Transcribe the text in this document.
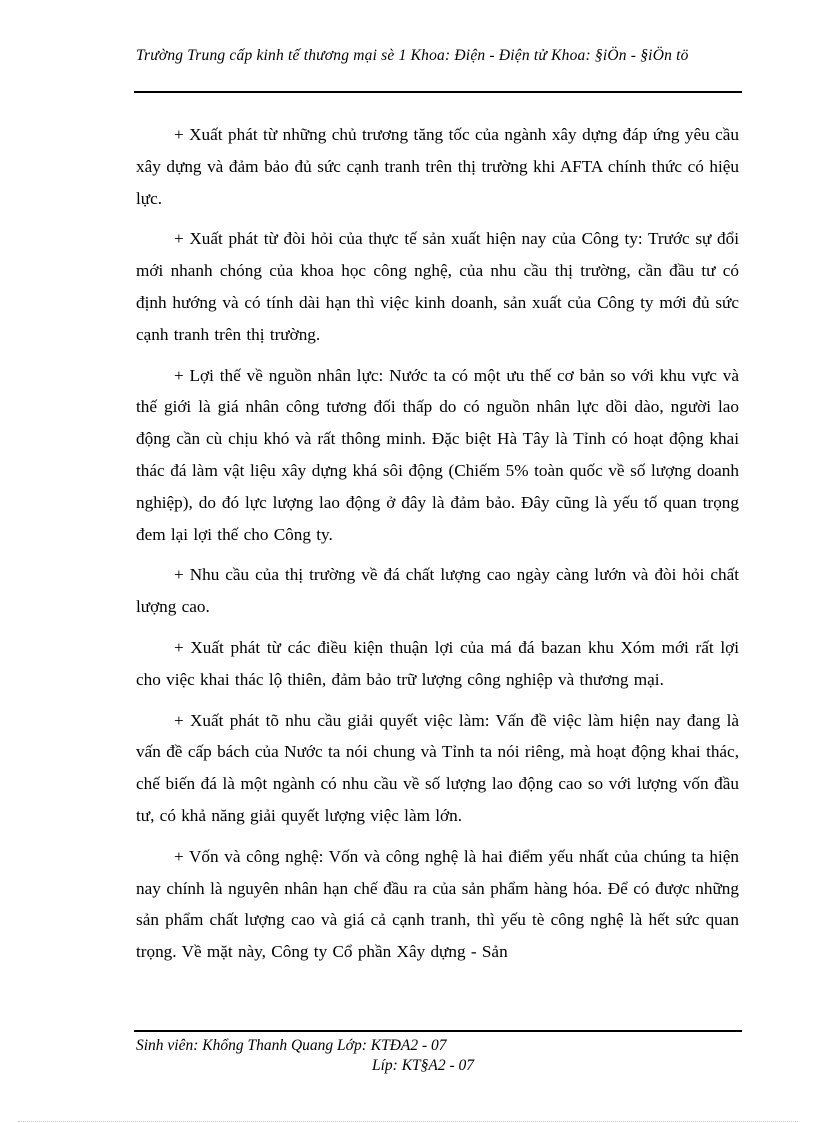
Trường Trung cấp kinh tế thương mại sè 1 Khoa: Điện - Điện tử Khoa: §iÖn - §iÖn tö

+ Xuất phát từ những chủ trương tăng tốc của ngành xây dựng đáp ứng yêu cầu xây dựng và đảm bảo đủ sức cạnh tranh trên thị trường khi AFTA chính thức có hiệu lực.

+ Xuất phát từ đòi hỏi của thực tế sản xuất hiện nay của Công ty: Trước sự đổi mới nhanh chóng của khoa học công nghệ, của nhu cầu thị trường, cần đầu tư có định hướng và có tính dài hạn thì việc kinh doanh, sản xuất của Công ty mới đủ sức cạnh tranh trên thị trường.

+ Lợi thế về nguồn nhân lực: Nước ta có một ưu thế cơ bản so với khu vực và thế giới là giá nhân công tương đối thấp do có nguồn nhân lực dồi dào, người lao động cần cù chịu khó và rất thông minh. Đặc biệt Hà Tây là Tỉnh có hoạt động khai thác đá làm vật liệu xây dựng khá sôi động (Chiếm 5% toàn quốc về số lượng doanh nghiệp), do đó lực lượng lao động ở đây là đảm bảo. Đây cũng là yếu tố quan trọng đem lại lợi thế cho Công ty.

+ Nhu cầu của thị trường về đá chất lượng cao ngày càng lướn và đòi hỏi chất lượng cao.

+ Xuất phát từ các điều kiện thuận lợi của má đá bazan khu Xóm mới rất lợi cho việc khai thác lộ thiên, đảm bảo trữ lượng công nghiệp và thương mại.

+ Xuất phát tõ nhu cầu giải quyết việc làm: Vấn đề việc làm hiện nay đang là vấn đề cấp bách của Nước ta nói chung và Tỉnh ta nói riêng, mà hoạt động khai thác, chế biến đá là một ngành có nhu cầu về số lượng lao động cao so với lượng vốn đầu tư, có khả năng giải quyết lượng việc làm lớn.

+ Vốn và công nghệ: Vốn và công nghệ là hai điểm yếu nhất của chúng ta hiện nay chính là nguyên nhân hạn chế đầu ra của sản phẩm hàng hóa. Để có được những sản phẩm chất lượng cao và giá cả cạnh tranh, thì yếu tè công nghệ là hết sức quan trọng. Về mặt này, Công ty Cổ phần Xây dựng - Sản

Sinh viên: Khổng Thanh Quang Lớp: KTĐA2 - 07
Líp: KT§A2 - 07
